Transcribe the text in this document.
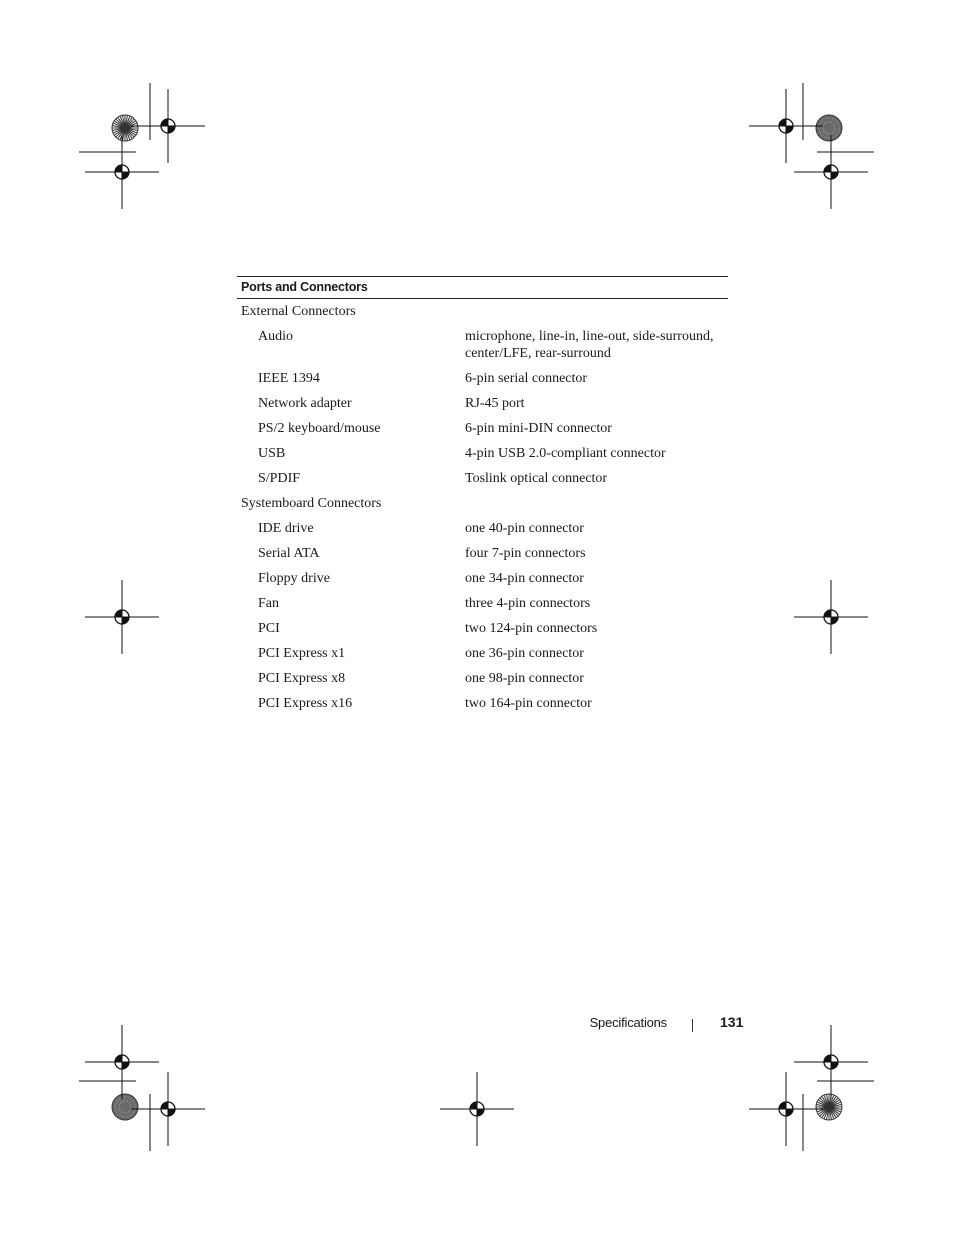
Ports and Connectors
External Connectors
Audio	microphone, line-in, line-out, side-surround, center/LFE, rear-surround
IEEE 1394	6-pin serial connector
Network adapter	RJ-45 port
PS/2 keyboard/mouse	6-pin mini-DIN connector
USB	4-pin USB 2.0-compliant connector
S/PDIF	Toslink optical connector
Systemboard Connectors
IDE drive	one 40-pin connector
Serial ATA	four 7-pin connectors
Floppy drive	one 34-pin connector
Fan	three 4-pin connectors
PCI	two 124-pin connectors
PCI Express x1	one 36-pin connector
PCI Express x8	one 98-pin connector
PCI Express x16	two 164-pin connector
Specifications	131
